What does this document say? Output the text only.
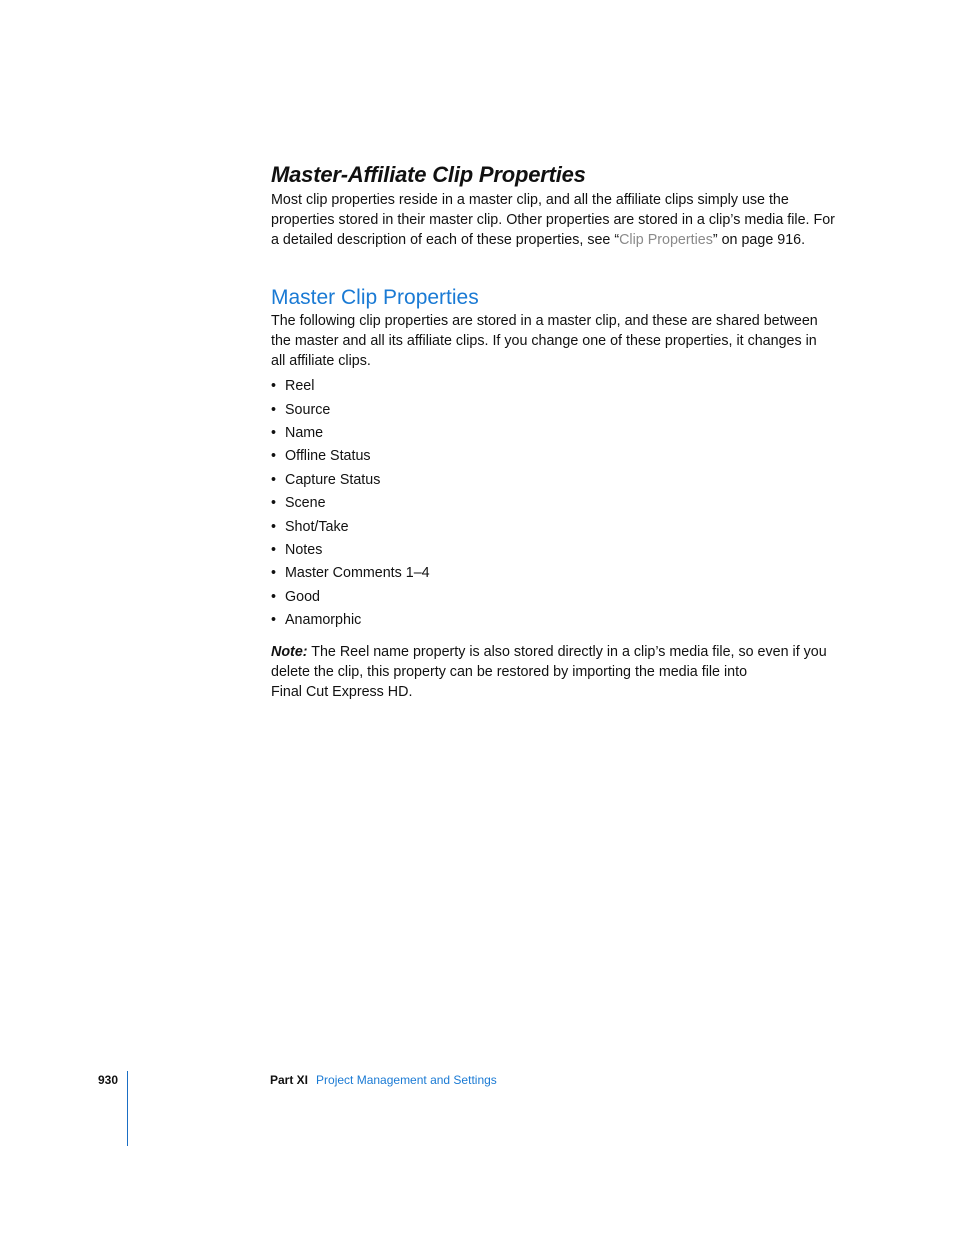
Master-Affiliate Clip Properties
Most clip properties reside in a master clip, and all the affiliate clips simply use the
properties stored in their master clip. Other properties are stored in a clip’s media file. For
a detailed description of each of these properties, see “Clip Properties” on page 916.
Master Clip Properties
The following clip properties are stored in a master clip, and these are shared between
the master and all its affiliate clips. If you change one of these properties, it changes in
all affiliate clips.
• Reel
• Source
• Name
• Offline Status
• Capture Status
• Scene
• Shot/Take
• Notes
• Master Comments 1–4
• Good
• Anamorphic
Note: The Reel name property is also stored directly in a clip’s media file, so even if you
delete the clip, this property can be restored by importing the media file into
Final Cut Express HD.
930	Part XI Project Management and Settings
